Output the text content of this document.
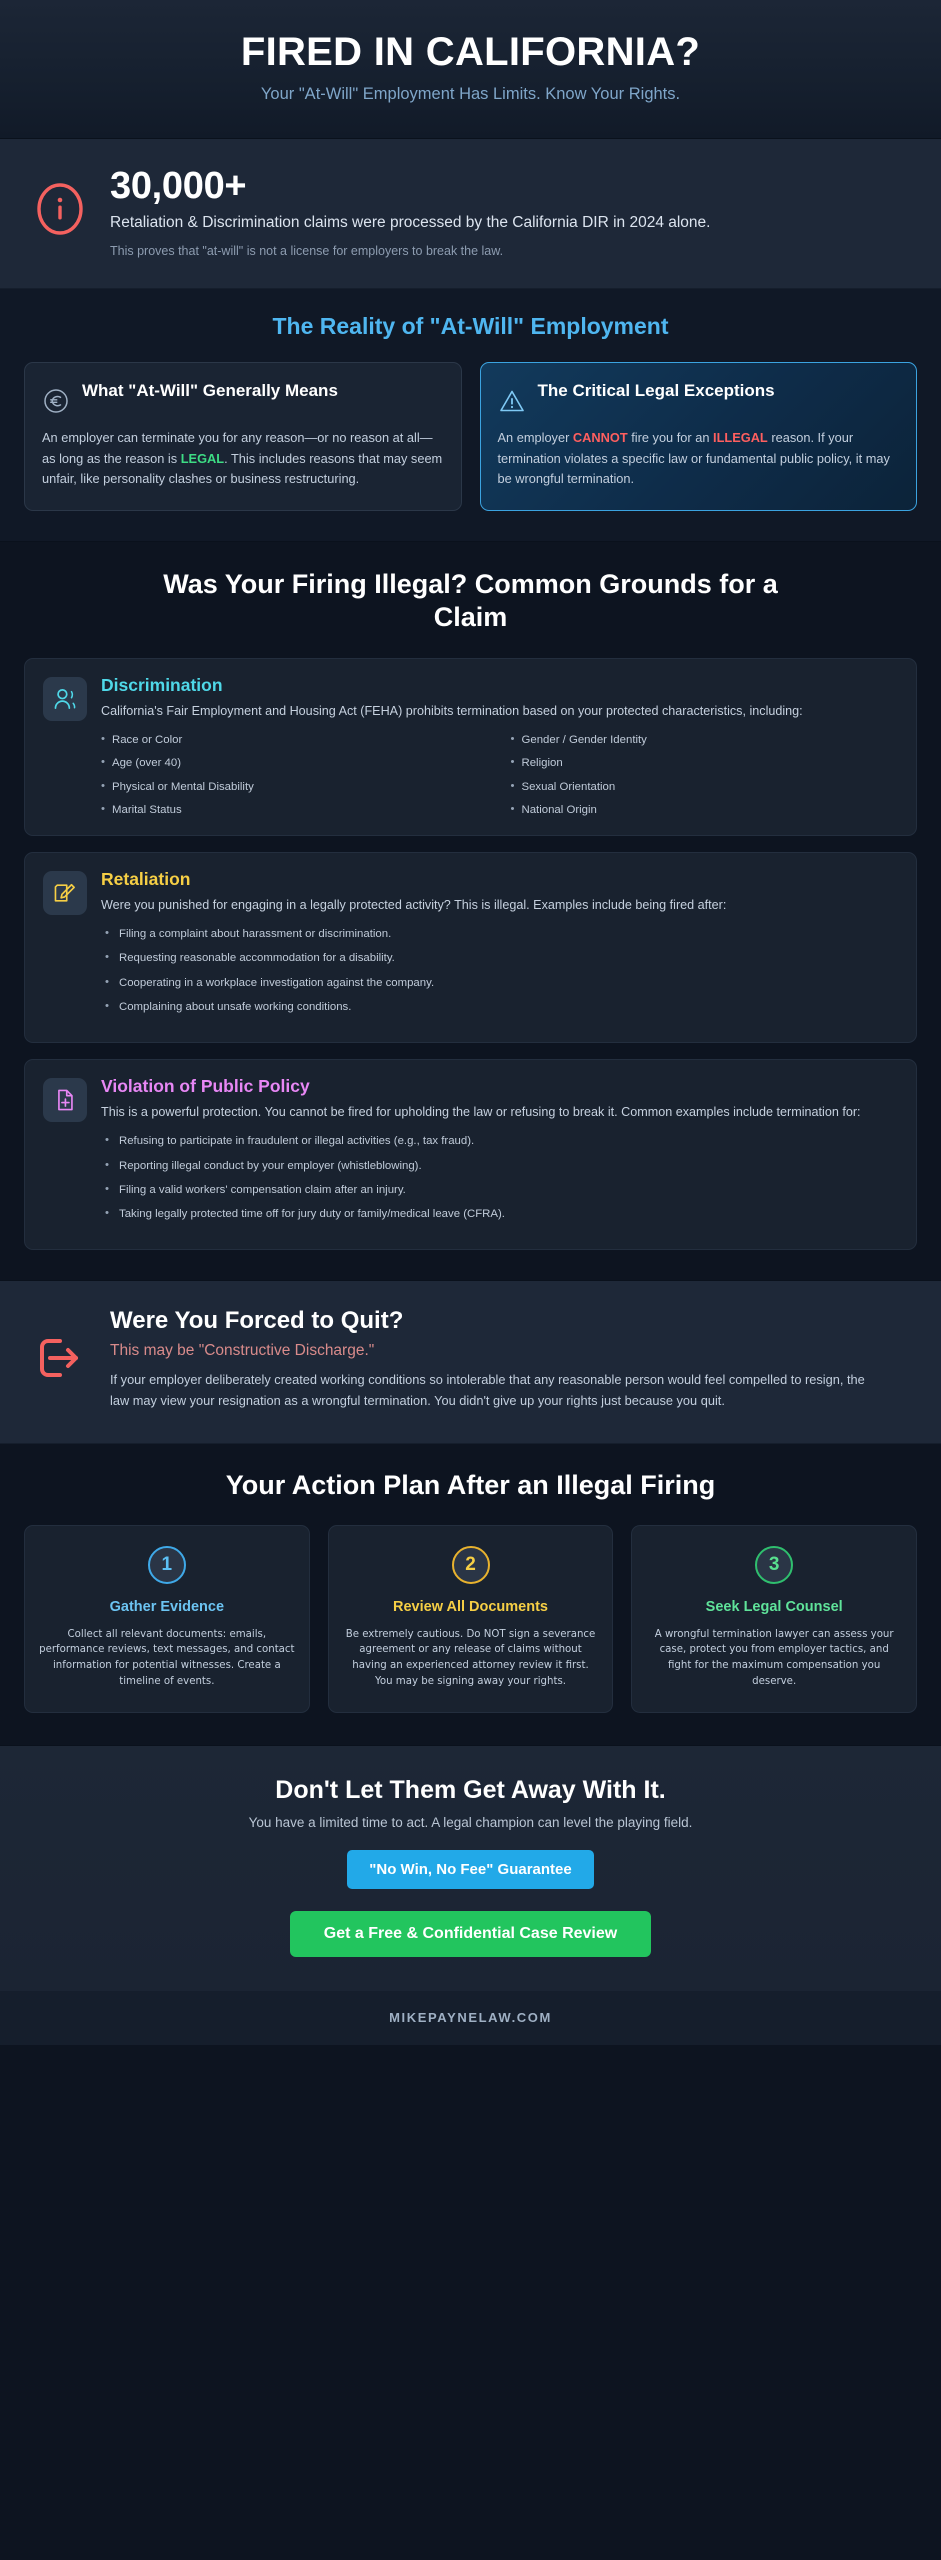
FIRED IN CALIFORNIA?
Your "At-Will" Employment Has Limits. Know Your Rights.
30,000+
Retaliation & Discrimination claims were processed by the California DIR in 2024 alone.
This proves that "at-will" is not a license for employers to break the law.
The Reality of "At-Will" Employment
What "At-Will" Generally Means
An employer can terminate you for any reason—or no reason at all—as long as the reason is LEGAL. This includes reasons that may seem unfair, like personality clashes or business restructuring.
The Critical Legal Exceptions
An employer CANNOT fire you for an ILLEGAL reason. If your termination violates a specific law or fundamental public policy, it may be wrongful termination.
Was Your Firing Illegal? Common Grounds for a Claim
Discrimination
California's Fair Employment and Housing Act (FEHA) prohibits termination based on your protected characteristics, including:
• Race or Color
• Age (over 40)
• Physical or Mental Disability
• Marital Status
• Gender / Gender Identity
• Religion
• Sexual Orientation
• National Origin
Retaliation
Were you punished for engaging in a legally protected activity? This is illegal. Examples include being fired after:
• Filing a complaint about harassment or discrimination.
• Requesting reasonable accommodation for a disability.
• Cooperating in a workplace investigation against the company.
• Complaining about unsafe working conditions.
Violation of Public Policy
This is a powerful protection. You cannot be fired for upholding the law or refusing to break it. Common examples include termination for:
• Refusing to participate in fraudulent or illegal activities (e.g., tax fraud).
• Reporting illegal conduct by your employer (whistleblowing).
• Filing a valid workers' compensation claim after an injury.
• Taking legally protected time off for jury duty or family/medical leave (CFRA).
Were You Forced to Quit?
This may be "Constructive Discharge."
If your employer deliberately created working conditions so intolerable that any reasonable person would feel compelled to resign, the law may view your resignation as a wrongful termination. You didn't give up your rights just because you quit.
Your Action Plan After an Illegal Firing
1
Gather Evidence
Collect all relevant documents: emails, performance reviews, text messages, and contact information for potential witnesses. Create a timeline of events.
2
Review All Documents
Be extremely cautious. Do NOT sign a severance agreement or any release of claims without having an experienced attorney review it first. You may be signing away your rights.
3
Seek Legal Counsel
A wrongful termination lawyer can assess your case, protect you from employer tactics, and fight for the maximum compensation you deserve.
Don't Let Them Get Away With It.
You have a limited time to act. A legal champion can level the playing field.
"No Win, No Fee" Guarantee
Get a Free & Confidential Case Review
MIKEPAYNELAW.COM
